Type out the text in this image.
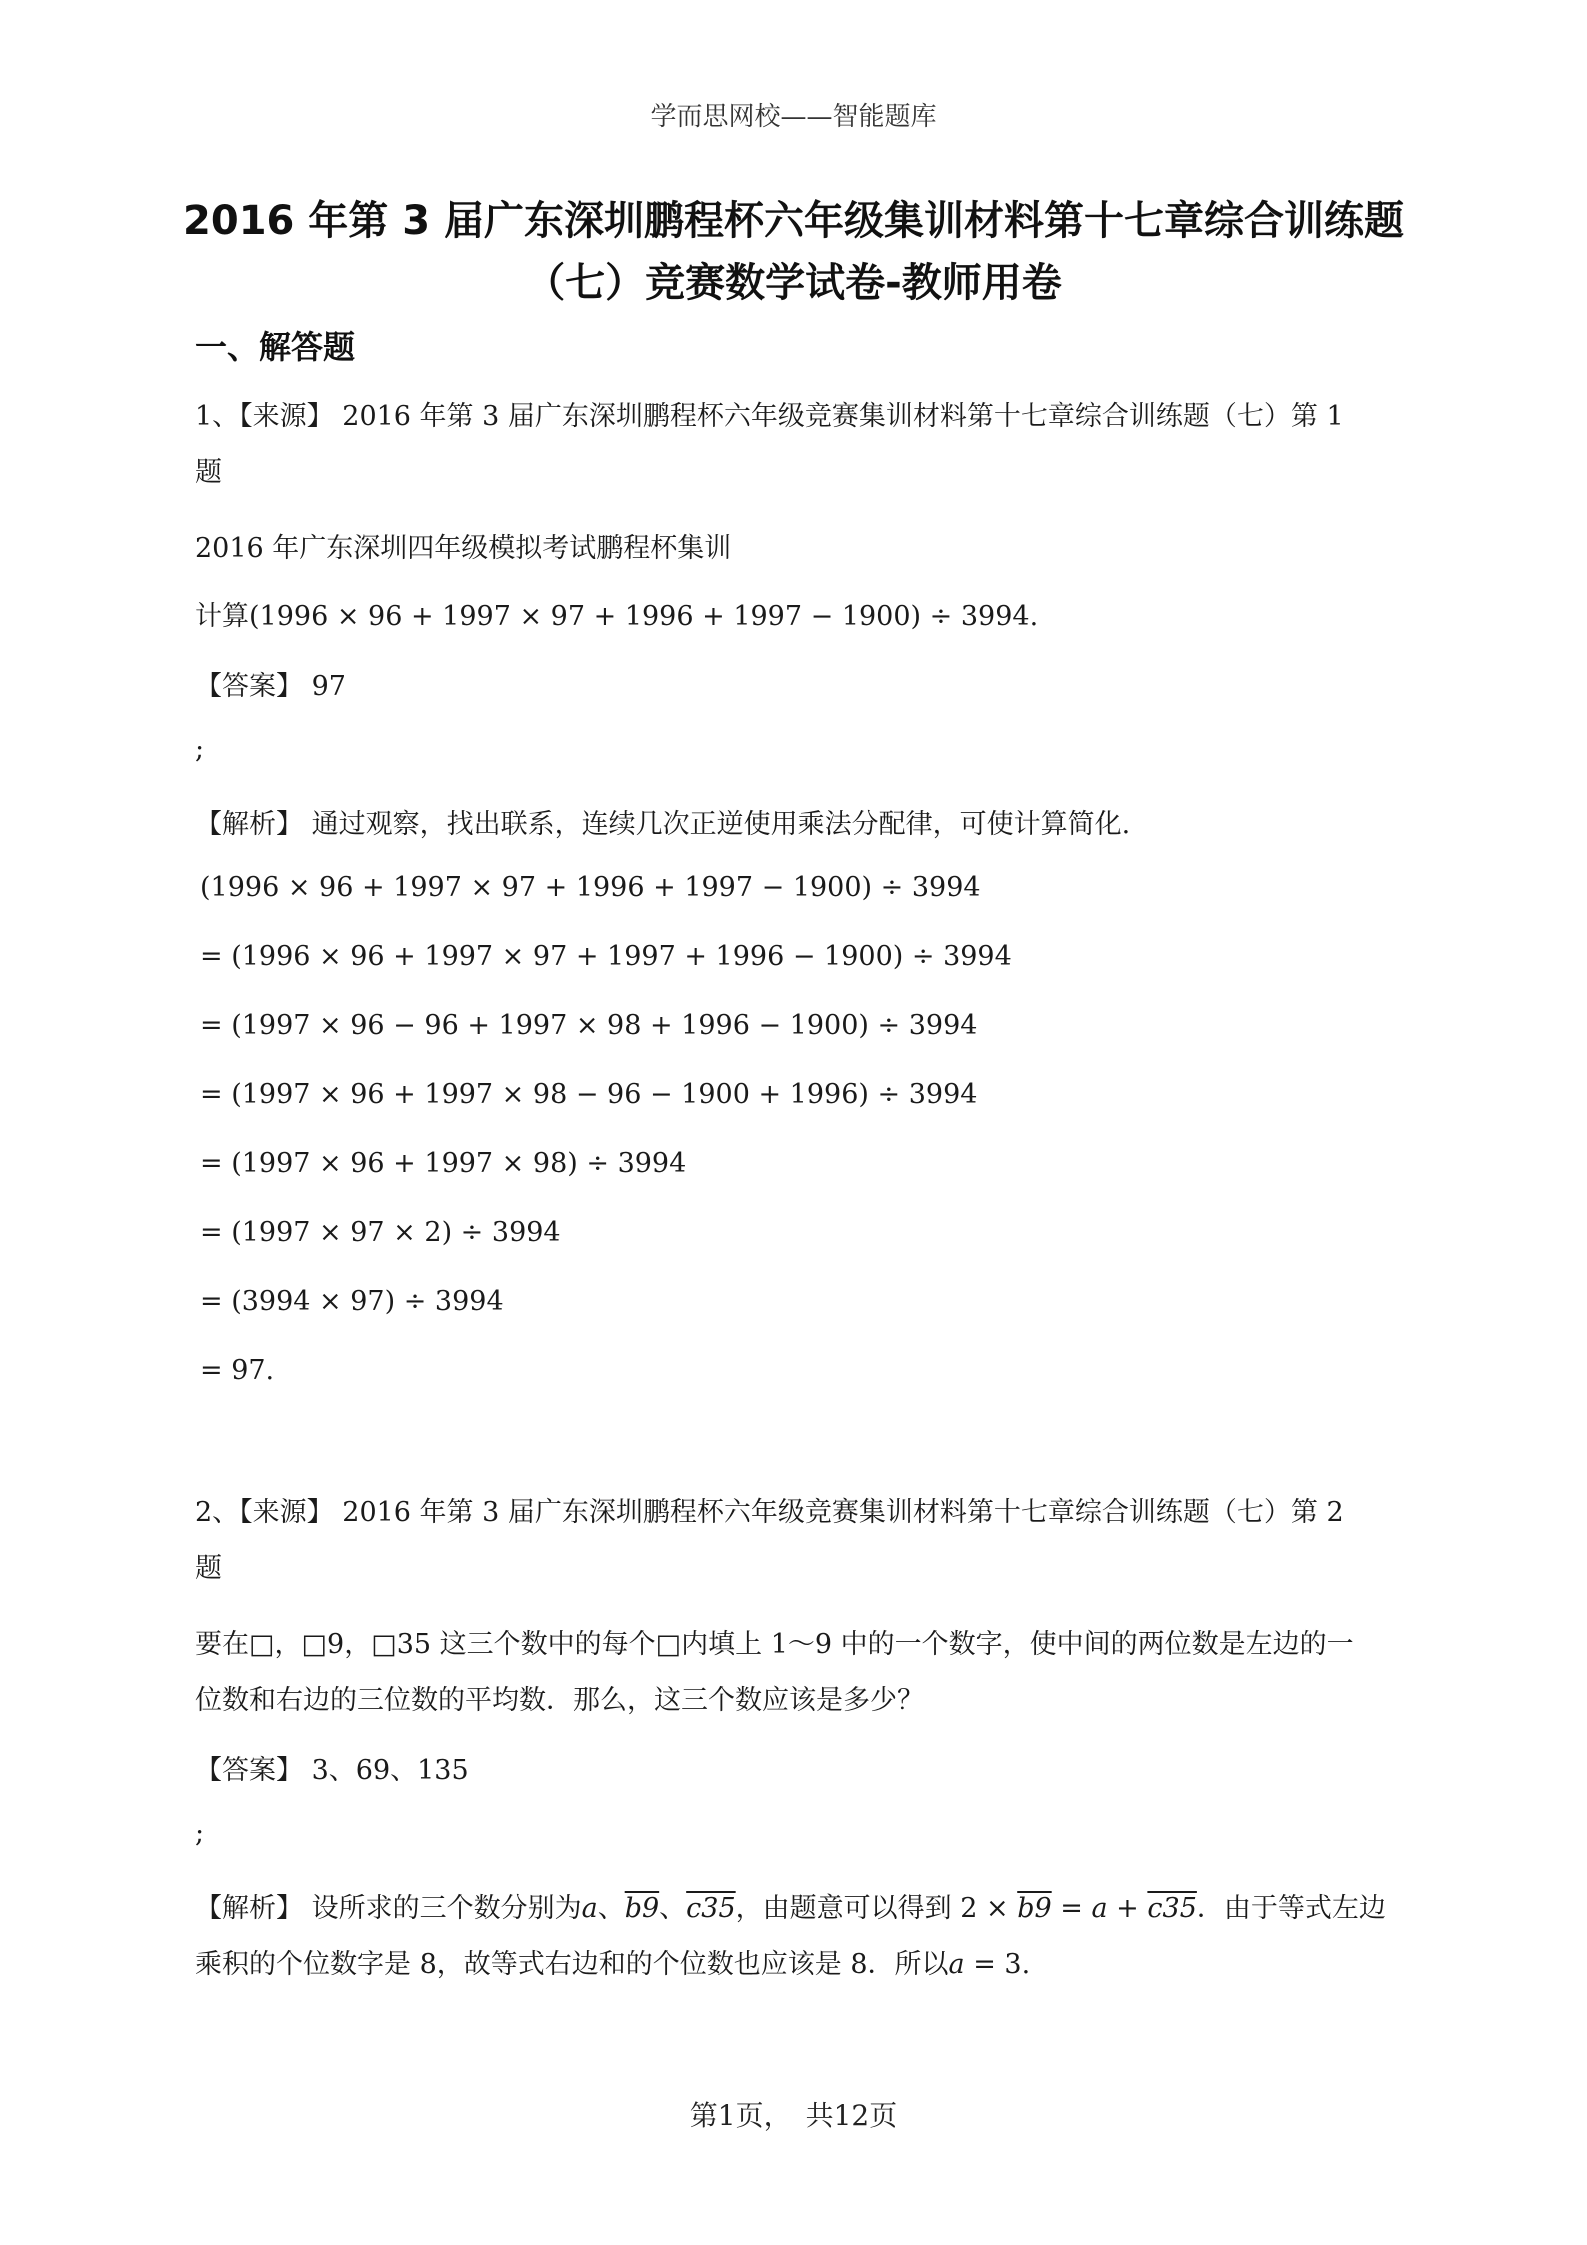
学而思网校——智能题库
2016 年第 3 届广东深圳鹏程杯六年级集训材料第十七章综合训练题
（七）竞赛数学试卷-教师用卷
一、解答题
1、【来源】 2016 年第 3 届广东深圳鹏程杯六年级竞赛集训材料第十七章综合训练题（七）第 1
题
2016 年广东深圳四年级模拟考试鹏程杯集训
计算(1996 × 96 + 1997 × 97 + 1996 + 1997 − 1900) ÷ 3994.
【答案】 97
;
【解析】 通过观察，找出联系，连续几次正逆使用乘法分配律，可使计算简化.
(1996 × 96 + 1997 × 97 + 1996 + 1997 − 1900) ÷ 3994
= (1996 × 96 + 1997 × 97 + 1997 + 1996 − 1900) ÷ 3994
= (1997 × 96 − 96 + 1997 × 98 + 1996 − 1900) ÷ 3994
= (1997 × 96 + 1997 × 98 − 96 − 1900 + 1996) ÷ 3994
= (1997 × 96 + 1997 × 98) ÷ 3994
= (1997 × 97 × 2) ÷ 3994
= (3994 × 97) ÷ 3994
= 97.
2、【来源】 2016 年第 3 届广东深圳鹏程杯六年级竞赛集训材料第十七章综合训练题（七）第 2
题
要在□，□9，□35 这三个数中的每个□内填上 1～9 中的一个数字，使中间的两位数是左边的一
位数和右边的三位数的平均数．那么，这三个数应该是多少？
【答案】 3、69、135
;
【解析】 设所求的三个数分别为a、b9、c35，由题意可以得到 2 × b9 = a + c35．由于等式左边
乘积的个位数字是 8，故等式右边和的个位数也应该是 8．所以a = 3.
第1页，　共12页
